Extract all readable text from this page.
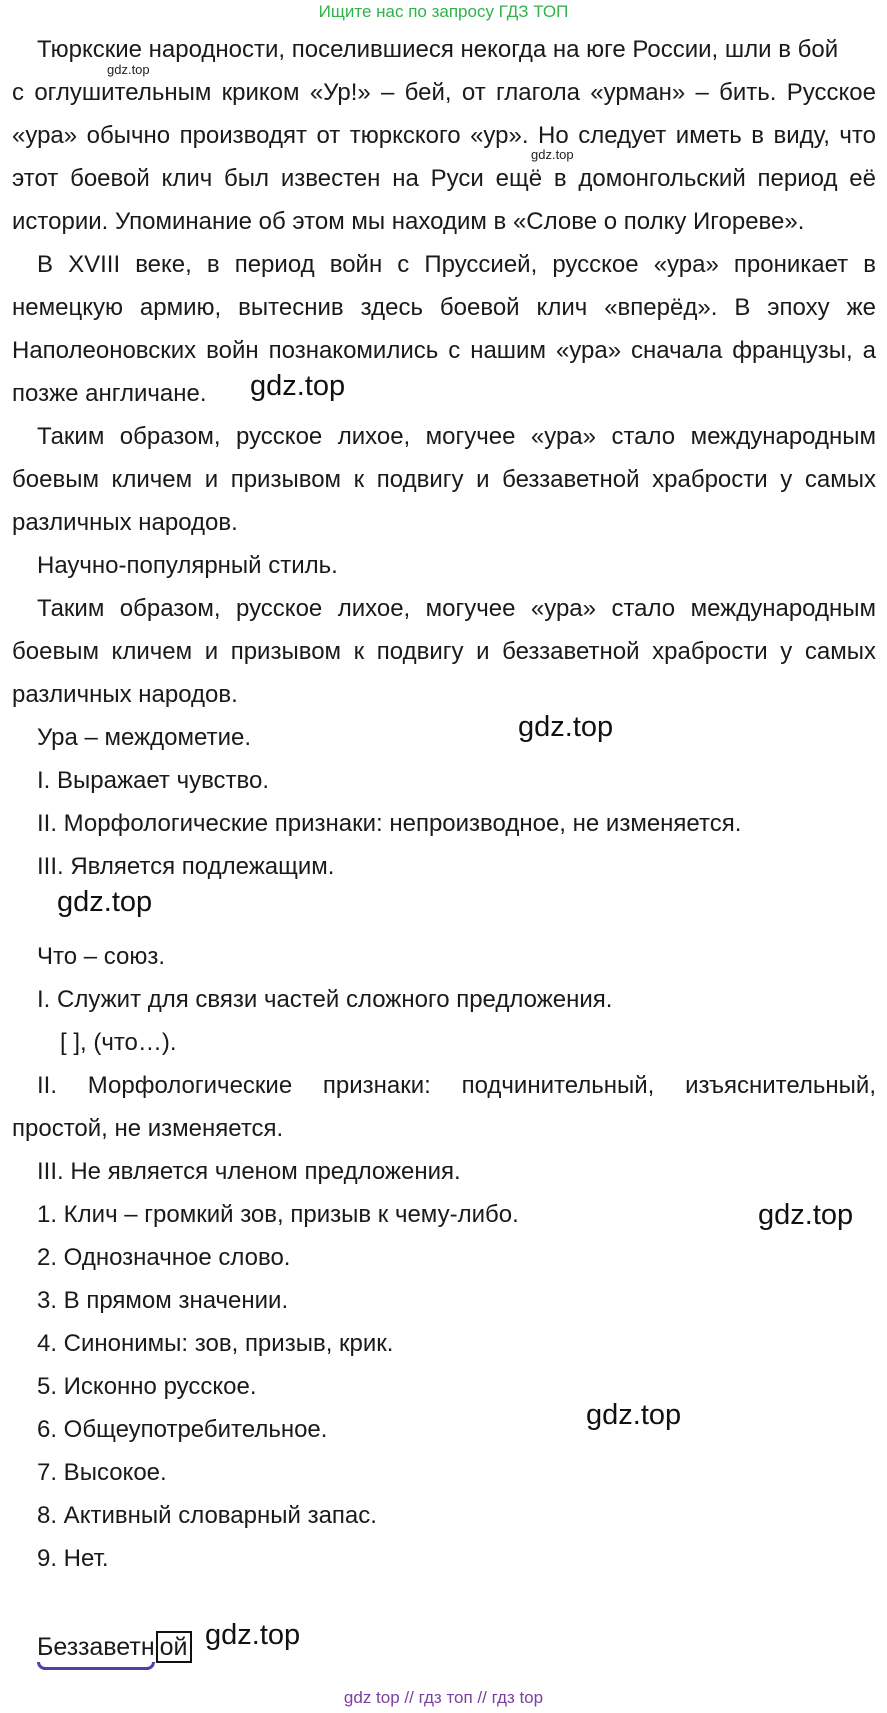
Ищите нас по запросу ГДЗ ТОП
Тюркские народности, поселившиеся некогда на юге России, шли в бой
с оглушительным криком «Ур!» – бей, от глагола «урман» – бить. Русское
«ура» обычно производят от тюркского «ур». Но следует иметь в виду, что
этот боевой клич был известен на Руси ещё в домонгольский период её
истории. Упоминание об этом мы находим в «Слове о полку Игореве».
В XVIII веке, в период войн с Пруссией, русское «ура» проникает в
немецкую армию, вытеснив здесь боевой клич «вперёд». В эпоху же
Наполеоновских войн познакомились с нашим «ура» сначала французы, а
позже англичане.
Таким образом, русское лихое, могучее «ура» стало международным
боевым кличем и призывом к подвигу и беззаветной храбрости у самых
различных народов.
Научно-популярный стиль.
Таким образом, русское лихое, могучее «ура» стало международным
боевым кличем и призывом к подвигу и беззаветной храбрости у самых
различных народов.
Ура – междометие.
I. Выражает чувство.
II. Морфологические признаки: непроизводное, не изменяется.
III. Является подлежащим.
Что – союз.
I. Служит для связи частей сложного предложения.
[ ], (что…).
II. Морфологические признаки: подчинительный, изъяснительный,
простой, не изменяется.
III. Не является членом предложения.
1. Клич – громкий зов, призыв к чему-либо.
2. Однозначное слово.
3. В прямом значении.
4. Синонимы: зов, призыв, крик.
5. Исконно русское.
6. Общеупотребительное.
7. Высокое.
8. Активный словарный запас.
9. Нет.
Беззаветн ой
gdz.top
gdz.top
gdz.top
gdz.top
gdz.top
gdz.top
gdz.top
gdz.top
gdz top // гдз топ // гдз top
